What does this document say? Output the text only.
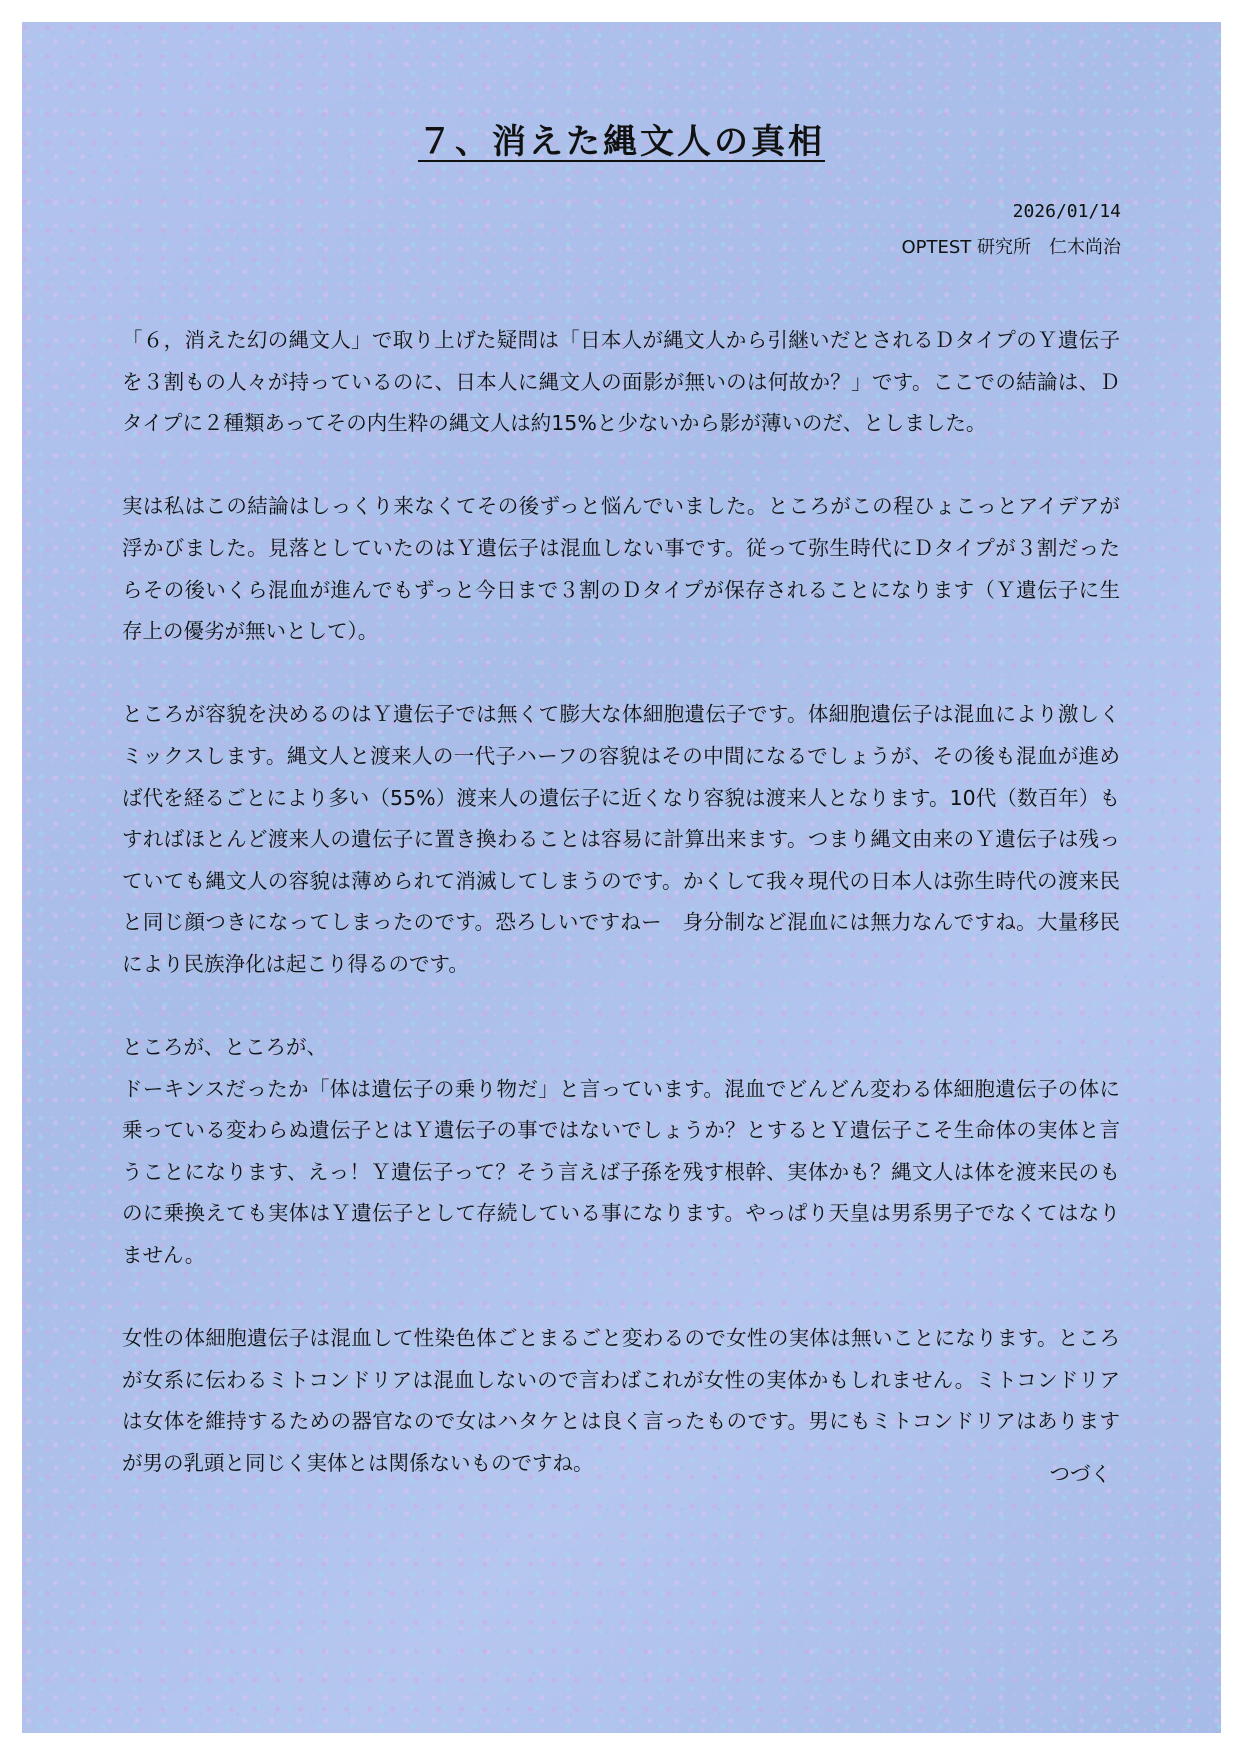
７、消えた縄文人の真相
2026/01/14
OPTEST 研究所　仁木尚治

「６，消えた幻の縄文人」で取り上げた疑問は「日本人が縄文人から引継いだとされるＤタイプのＹ遺伝子を３割もの人々が持っているのに、日本人に縄文人の面影が無いのは何故か？」です。ここでの結論は、Ｄタイプに２種類あってその内生粋の縄文人は約15%と少ないから影が薄いのだ、としました。

実は私はこの結論はしっくり来なくてその後ずっと悩んでいました。ところがこの程ひょこっとアイデアが浮かびました。見落としていたのはＹ遺伝子は混血しない事です。従って弥生時代にＤタイプが３割だったらその後いくら混血が進んでもずっと今日まで３割のＤタイプが保存されることになります（Ｙ遺伝子に生存上の優劣が無いとして）。

ところが容貌を決めるのはＹ遺伝子では無くて膨大な体細胞遺伝子です。体細胞遺伝子は混血により激しくミックスします。縄文人と渡来人の一代子ハーフの容貌はその中間になるでしょうが、その後も混血が進めば代を経るごとにより多い（55%）渡来人の遺伝子に近くなり容貌は渡来人となります。10代（数百年）もすればほとんど渡来人の遺伝子に置き換わることは容易に計算出来ます。つまり縄文由来のＹ遺伝子は残っていても縄文人の容貌は薄められて消滅してしまうのです。かくして我々現代の日本人は弥生時代の渡来民と同じ顔つきになってしまったのです。恐ろしいですねー　身分制など混血には無力なんですね。大量移民により民族浄化は起こり得るのです。

ところが、ところが、
ドーキンスだったか「体は遺伝子の乗り物だ」と言っています。混血でどんどん変わる体細胞遺伝子の体に乗っている変わらぬ遺伝子とはＹ遺伝子の事ではないでしょうか？とするとＹ遺伝子こそ生命体の実体と言うことになります、えっ！Ｙ遺伝子って？そう言えば子孫を残す根幹、実体かも？縄文人は体を渡来民のものに乗換えても実体はＹ遺伝子として存続している事になります。やっぱり天皇は男系男子でなくてはなりません。

女性の体細胞遺伝子は混血して性染色体ごとまるごと変わるので女性の実体は無いことになります。ところが女系に伝わるミトコンドリアは混血しないので言わばこれが女性の実体かもしれません。ミトコンドリアは女体を維持するための器官なので女はハタケとは良く言ったものです。男にもミトコンドリアはありますが男の乳頭と同じく実体とは関係ないものですね。	つづく
